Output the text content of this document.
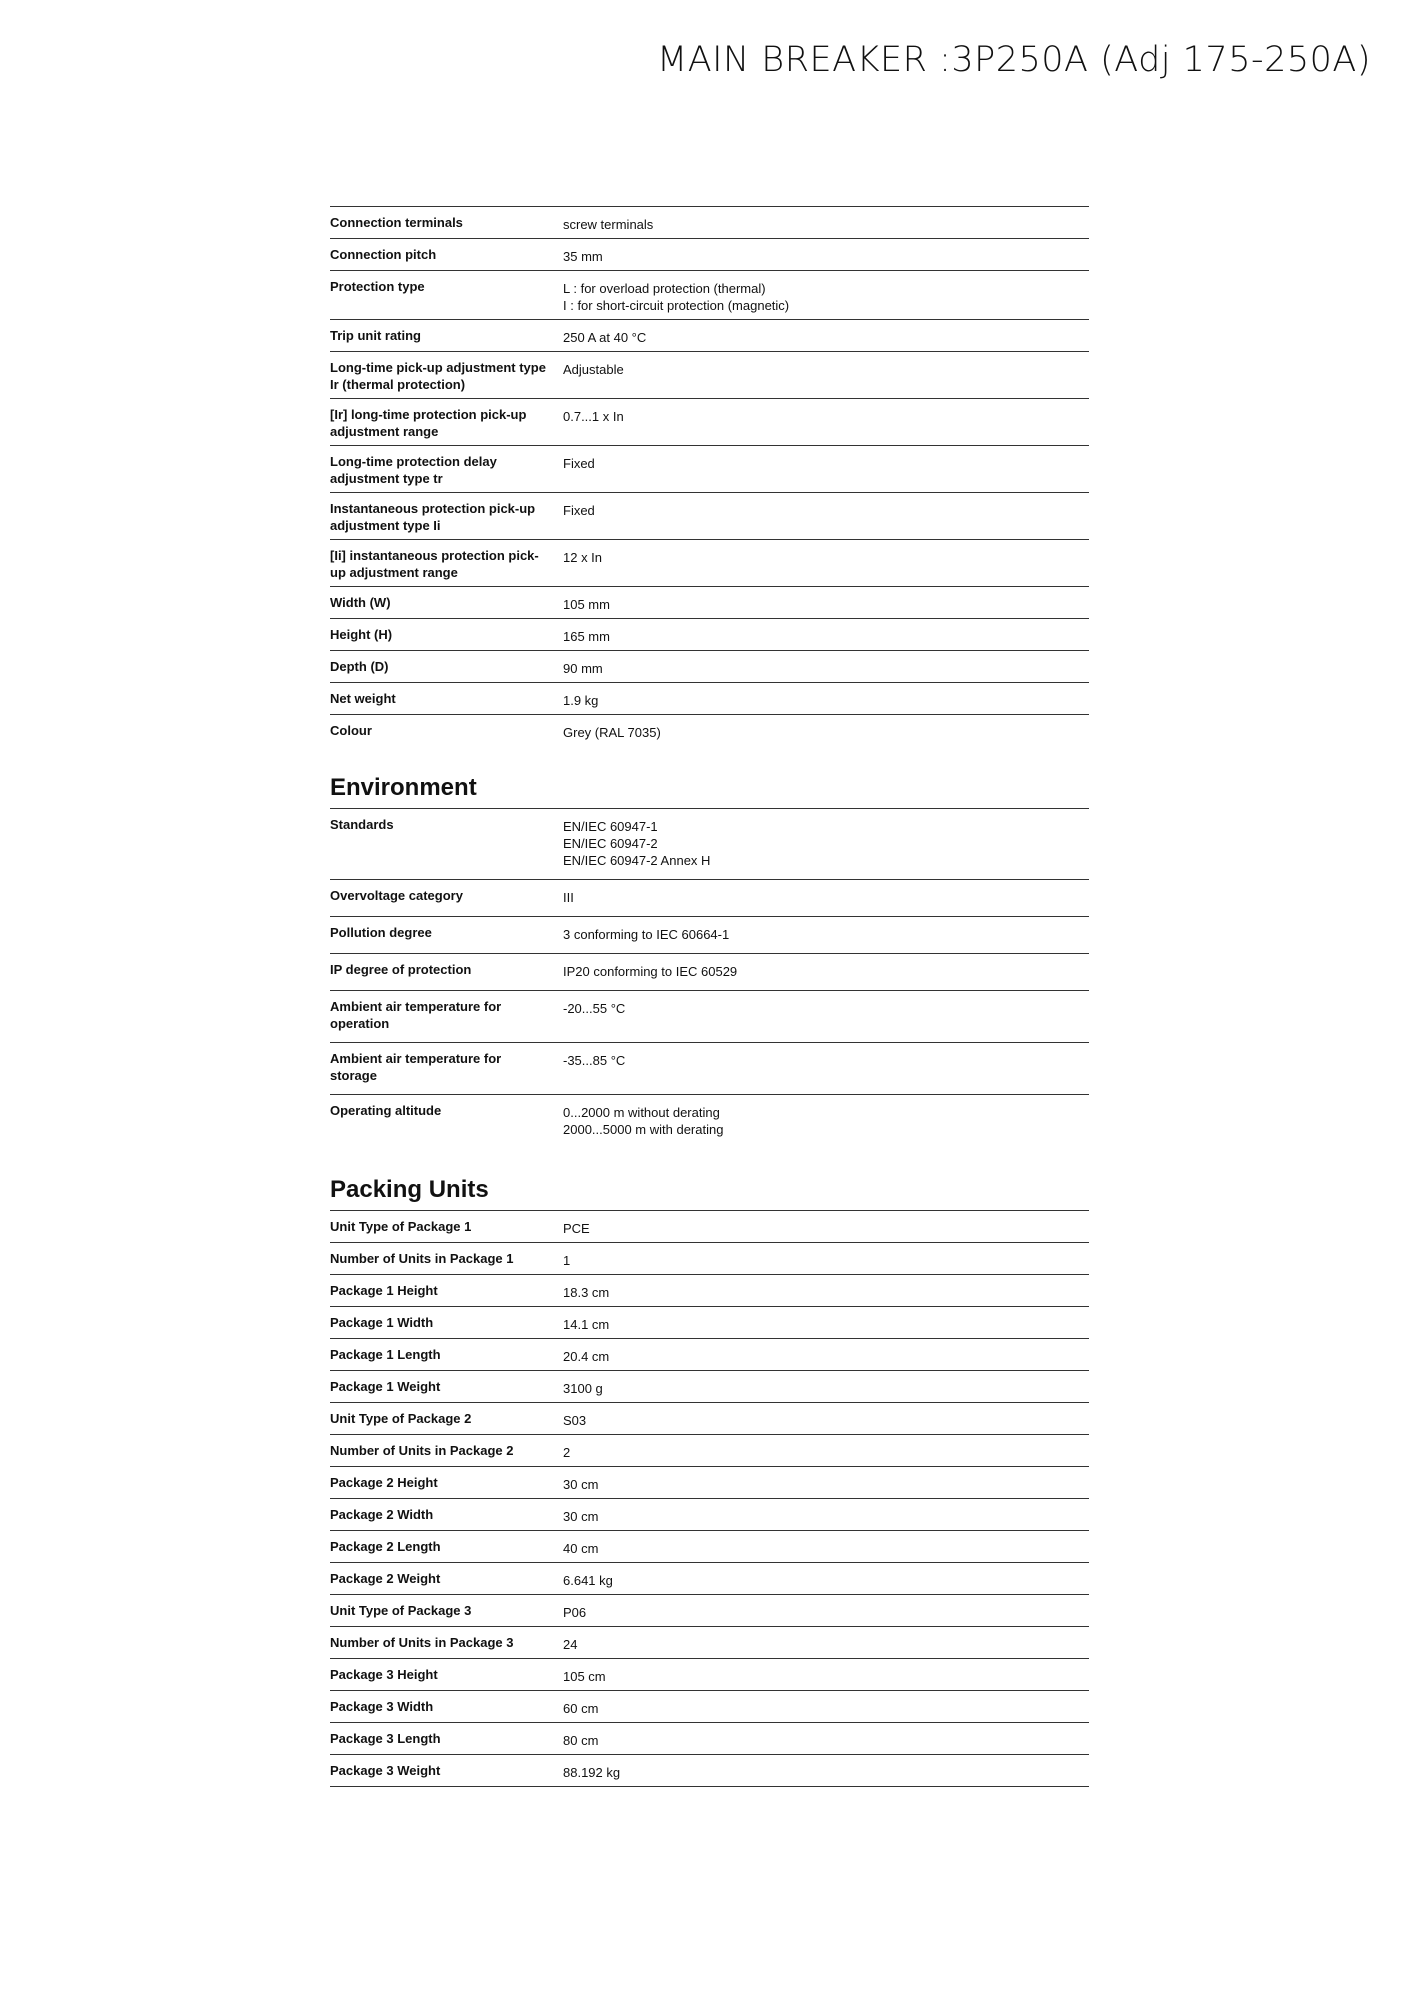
MAIN BREAKER :3P250A (Adj 175-250A)
Connection terminals	screw terminals
Connection pitch	35 mm
Protection type	L : for overload protection (thermal)
I : for short-circuit protection (magnetic)
Trip unit rating	250 A at 40 °C
Long-time pick-up adjustment type Ir (thermal protection)	Adjustable
[Ir] long-time protection pick-up adjustment range	0.7...1 x In
Long-time protection delay adjustment type tr	Fixed
Instantaneous protection pick-up adjustment type Ii	Fixed
[Ii] instantaneous protection pick-up adjustment range	12 x In
Width (W)	105 mm
Height (H)	165 mm
Depth (D)	90 mm
Net weight	1.9 kg
Colour	Grey (RAL 7035)
Environment
Standards	EN/IEC 60947-1
EN/IEC 60947-2
EN/IEC 60947-2 Annex H
Overvoltage category	III
Pollution degree	3 conforming to IEC 60664-1
IP degree of protection	IP20 conforming to IEC 60529
Ambient air temperature for operation	-20...55 °C
Ambient air temperature for storage	-35...85 °C
Operating altitude	0...2000 m without derating
2000...5000 m with derating
Packing Units
Unit Type of Package 1	PCE
Number of Units in Package 1	1
Package 1 Height	18.3 cm
Package 1 Width	14.1 cm
Package 1 Length	20.4 cm
Package 1 Weight	3100 g
Unit Type of Package 2	S03
Number of Units in Package 2	2
Package 2 Height	30 cm
Package 2 Width	30 cm
Package 2 Length	40 cm
Package 2 Weight	6.641 kg
Unit Type of Package 3	P06
Number of Units in Package 3	24
Package 3 Height	105 cm
Package 3 Width	60 cm
Package 3 Length	80 cm
Package 3 Weight	88.192 kg
